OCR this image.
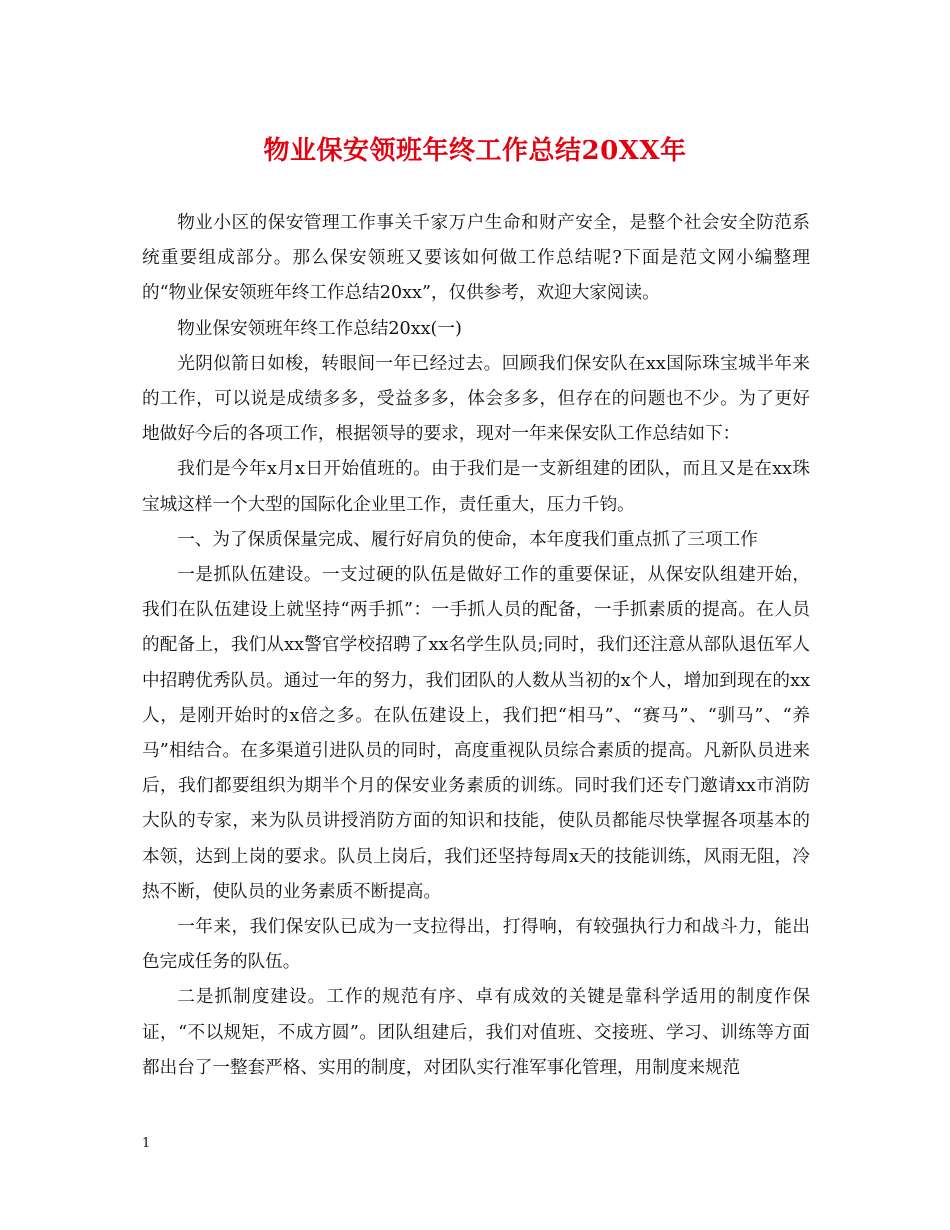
物业保安领班年终工作总结20XX年

物业小区的保安管理工作事关千家万户生命和财产安全，是整个社会安全防范系统重要组成部分。那么保安领班又要该如何做工作总结呢?下面是范文网小编整理的“物业保安领班年终工作总结20xx”，仅供参考，欢迎大家阅读。

物业保安领班年终工作总结20xx(一)

光阴似箭日如梭，转眼间一年已经过去。回顾我们保安队在xx国际珠宝城半年来的工作，可以说是成绩多多，受益多多，体会多多，但存在的问题也不少。为了更好地做好今后的各项工作，根据领导的要求，现对一年来保安队工作总结如下：

我们是今年x月x日开始值班的。由于我们是一支新组建的团队，而且又是在xx珠宝城这样一个大型的国际化企业里工作，责任重大，压力千钧。

一、为了保质保量完成、履行好肩负的使命，本年度我们重点抓了三项工作

一是抓队伍建设。一支过硬的队伍是做好工作的重要保证，从保安队组建开始，我们在队伍建设上就坚持“两手抓”：一手抓人员的配备，一手抓素质的提高。在人员的配备上，我们从xx警官学校招聘了xx名学生队员;同时，我们还注意从部队退伍军人中招聘优秀队员。通过一年的努力，我们团队的人数从当初的x个人，增加到现在的xx人，是刚开始时的x倍之多。在队伍建设上，我们把“相马”、“赛马”、“驯马”、“养马”相结合。在多渠道引进队员的同时，高度重视队员综合素质的提高。凡新队员进来后，我们都要组织为期半个月的保安业务素质的训练。同时我们还专门邀请xx市消防大队的专家，来为队员讲授消防方面的知识和技能，使队员都能尽快掌握各项基本的本领，达到上岗的要求。队员上岗后，我们还坚持每周x天的技能训练，风雨无阻，冷热不断，使队员的业务素质不断提高。

一年来，我们保安队已成为一支拉得出，打得响，有较强执行力和战斗力，能出色完成任务的队伍。

二是抓制度建设。工作的规范有序、卓有成效的关键是靠科学适用的制度作保证，“不以规矩，不成方圆”。团队组建后，我们对值班、交接班、学习、训练等方面都出台了一整套严格、实用的制度，对团队实行准军事化管理，用制度来规范

1
